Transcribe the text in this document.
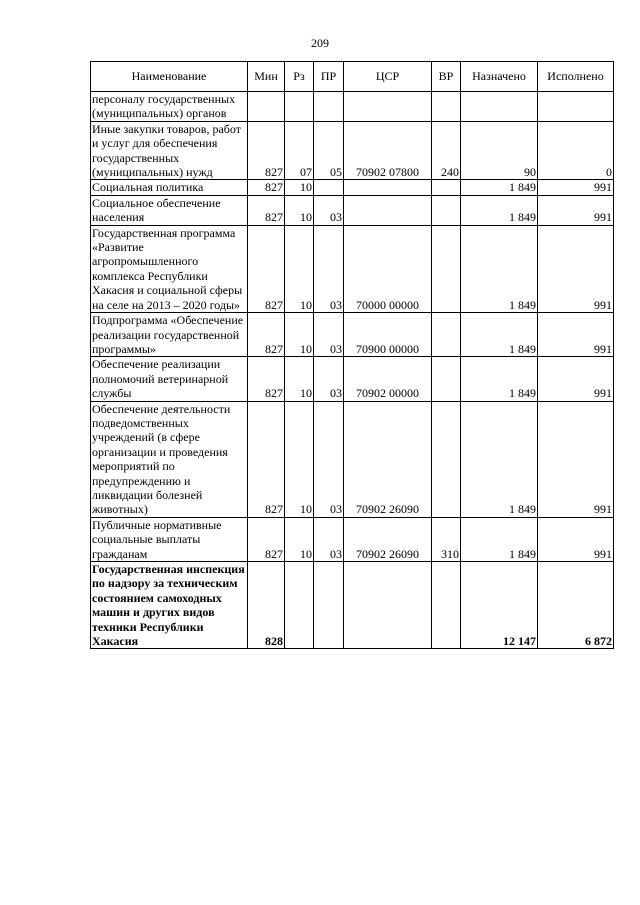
209
Наименование	Мин	Рз	ПР	ЦСР	ВР	Назначено	Исполнено
персоналу государственных (муниципальных) органов							
Иные закупки товаров, работ и услуг для обеспечения государственных (муниципальных) нужд	827	07	05	70902 07800	240	90	0
Социальная политика	827	10				1 849	991
Социальное обеспечение населения	827	10	03			1 849	991
Государственная программа «Развитие агропромышленного комплекса Республики Хакасия и социальной сферы на селе на 2013 – 2020 годы»	827	10	03	70000 00000		1 849	991
Подпрограмма «Обеспечение реализации государственной программы»	827	10	03	70900 00000		1 849	991
Обеспечение реализации полномочий ветеринарной службы	827	10	03	70902 00000		1 849	991
Обеспечение деятельности подведомственных учреждений (в сфере организации и проведения мероприятий по предупреждению и ликвидации болезней животных)	827	10	03	70902 26090		1 849	991
Публичные нормативные социальные выплаты гражданам	827	10	03	70902 26090	310	1 849	991
Государственная инспекция по надзору за техническим состоянием самоходных машин и других видов техники Республики Хакасия	828					12 147	6 872
